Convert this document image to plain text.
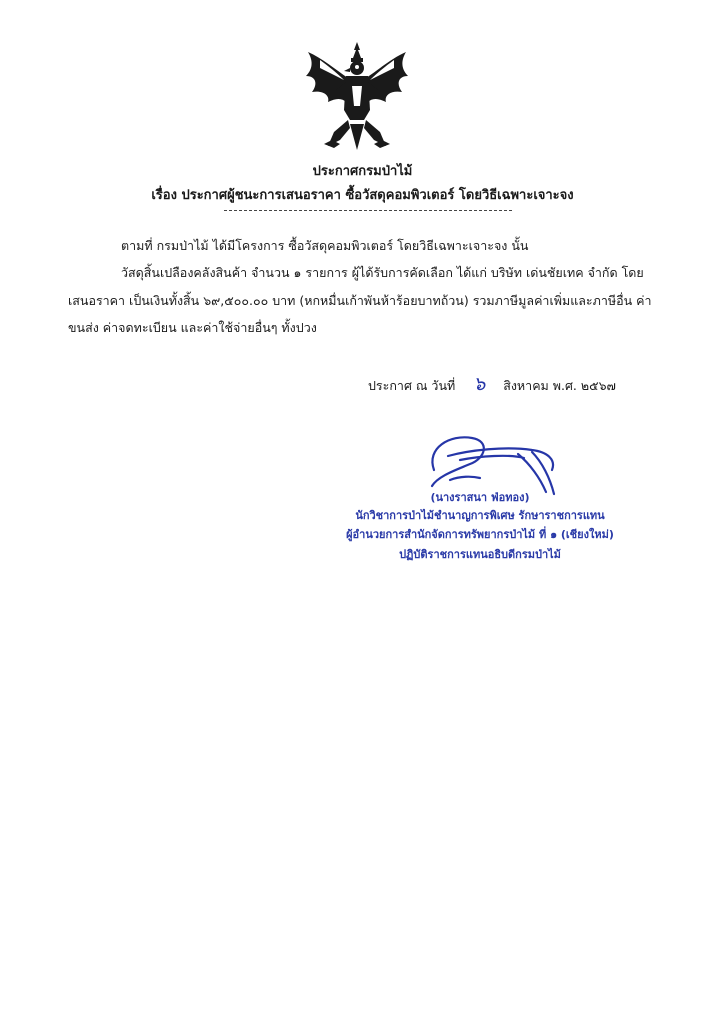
ประกาศกรมป่าไม้
เรื่อง ประกาศผู้ชนะการเสนอราคา ซื้อวัสดุคอมพิวเตอร์ โดยวิธีเฉพาะเจาะจง
ตามที่ กรมป่าไม้ ได้มีโครงการ ซื้อวัสดุคอมพิวเตอร์ โดยวิธีเฉพาะเจาะจง นั้น
วัสดุสิ้นเปลืองคลังสินค้า จำนวน ๑ รายการ ผู้ได้รับการคัดเลือก ได้แก่ บริษัท เด่นชัยเทค จำกัด โดย
เสนอราคา เป็นเงินทั้งสิ้น ๖๙,๕๐๐.๐๐ บาท (หกหมื่นเก้าพันห้าร้อยบาทถ้วน) รวมภาษีมูลค่าเพิ่มและภาษีอื่น ค่า
ขนส่ง ค่าจดทะเบียน และค่าใช้จ่ายอื่นๆ ทั้งปวง
ประกาศ ณ วันที่ ๖ สิงหาคม พ.ศ. ๒๕๖๗
(นางราสนา ฟ่อทอง)
นักวิชาการป่าไม้ชำนาญการพิเศษ รักษาราชการแทน
ผู้อำนวยการสำนักจัดการทรัพยากรป่าไม้ ที่ ๑ (เชียงใหม่)
ปฏิบัติราชการแทนอธิบดีกรมป่าไม้
